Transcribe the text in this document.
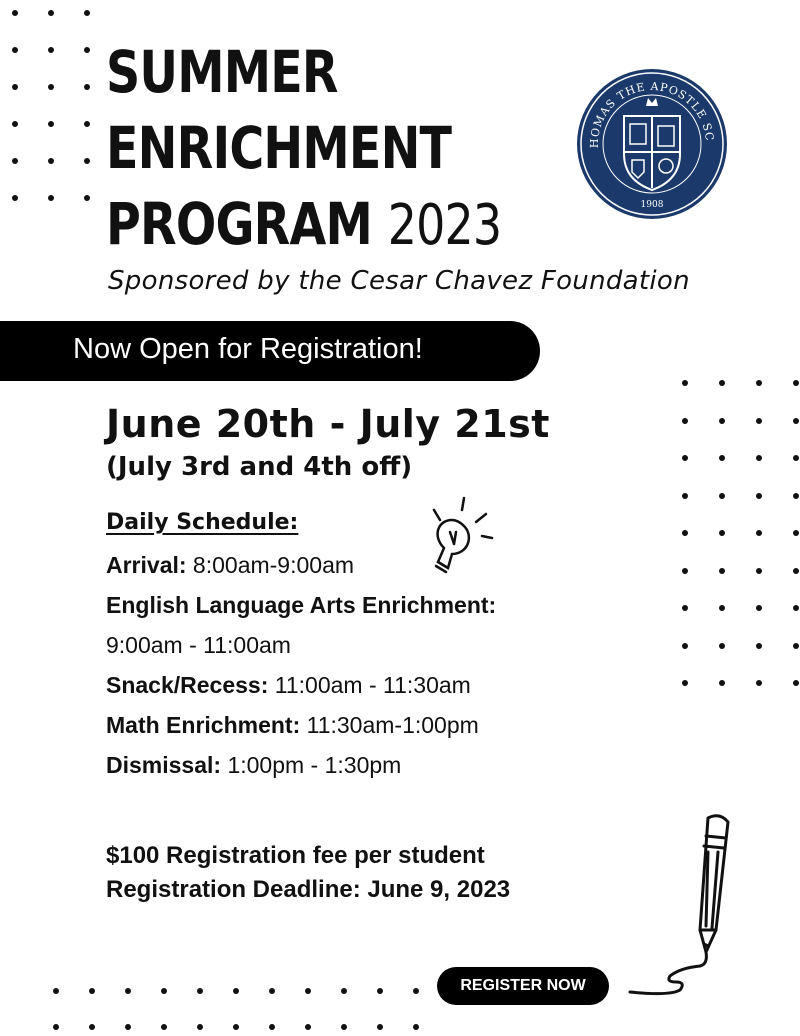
SUMMER
ENRICHMENT
PROGRAM 2023
ST. THOMAS THE APOSTLE SCHOOL
1908
Sponsored by the Cesar Chavez Foundation
Now Open for Registration!
June 20th - July 21st
(July 3rd and 4th off)
Daily Schedule:
Arrival: 8:00am-9:00am
English Language Arts Enrichment:
9:00am - 11:00am
Snack/Recess: 11:00am - 11:30am
Math Enrichment: 11:30am-1:00pm
Dismissal: 1:00pm - 1:30pm
$100 Registration fee per student
Registration Deadline: June 9, 2023
REGISTER NOW
